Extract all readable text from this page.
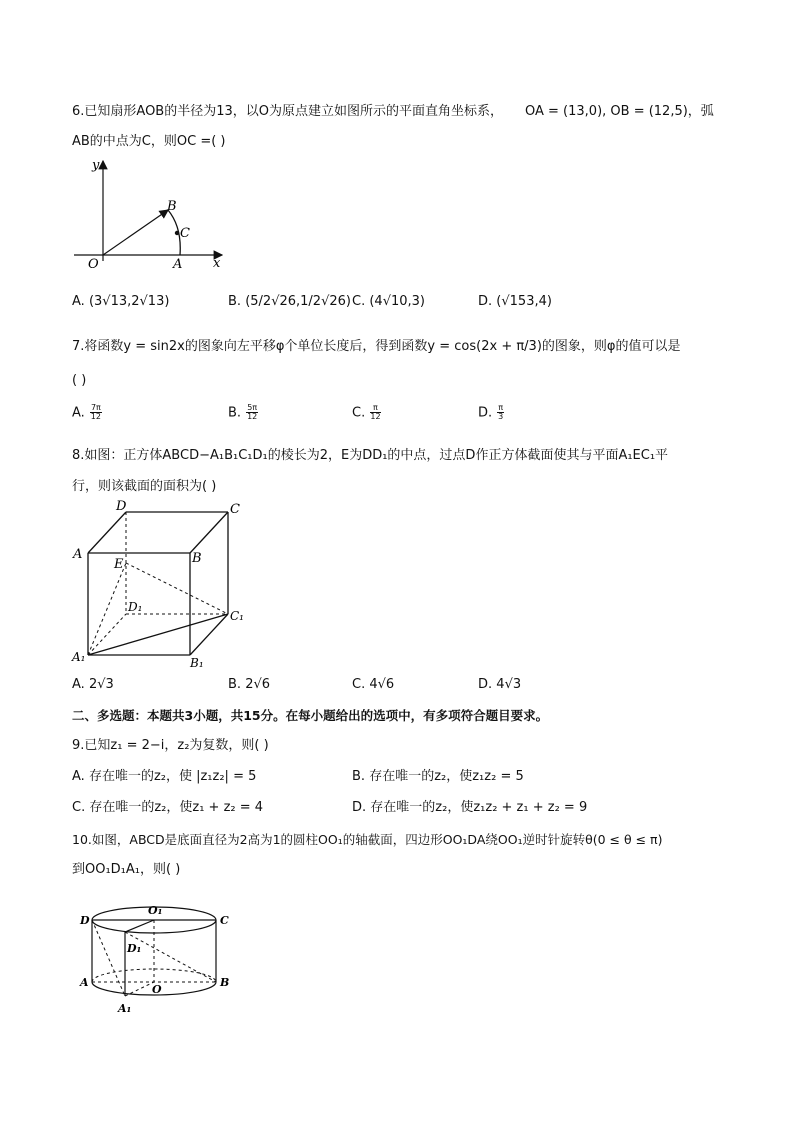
6.已知扇形AOB的半径为13，以O为原点建立如图所示的平面直角坐标系， OA = (13,0), OB = (12,5)，弧
AB的中点为C，则OC =( )
y
x
O	A
B
C
A. (3√13,2√13)	B. (5/2√26,1/2√26) C. (4√10,3)	D. (√153,4)
7.将函数y = sin2x的图象向左平移φ个单位长度后，得到函数y = cos(2x + π/3)的图象，则φ的值可以是
( )
A. $\frac{7\pi}{12}$	B. $\frac{5\pi}{12}$	C. $\frac{\pi}{12}$	D. $\frac{\pi}{3}$
8.如图：正方体ABCD−A₁B₁C₁D₁的棱长为2，E为DD₁的中点，过点D作正方体截面使其与平面A₁EC₁平
行，则该截面的面积为( )
D	C
A	B
E
D₁
C₁
A₁	B₁
A. 2√3	B. 2√6	C. 4√6	D. 4√3
二、多选题：本题共3小题，共15分。在每小题给出的选项中，有多项符合题目要求。
9.已知z₁ = 2−i，z₂为复数，则( )
A. 存在唯一的z₂，使 |z₁z₂| = 5	B. 存在唯一的z₂，使z₁z₂ = 5
C. 存在唯一的z₂，使z₁ + z₂ = 4	D. 存在唯一的z₂，使z₁z₂ + z₁ + z₂ = 9
10.如图，ABCD是底面直径为2高为1的圆柱OO₁的轴截面，四边形OO₁DA绕OO₁逆时针旋转θ(0 ≤ θ ≤ π)
到OO₁D₁A₁，则( )
D
O₁
C
D₁
A
O
B
A₁
